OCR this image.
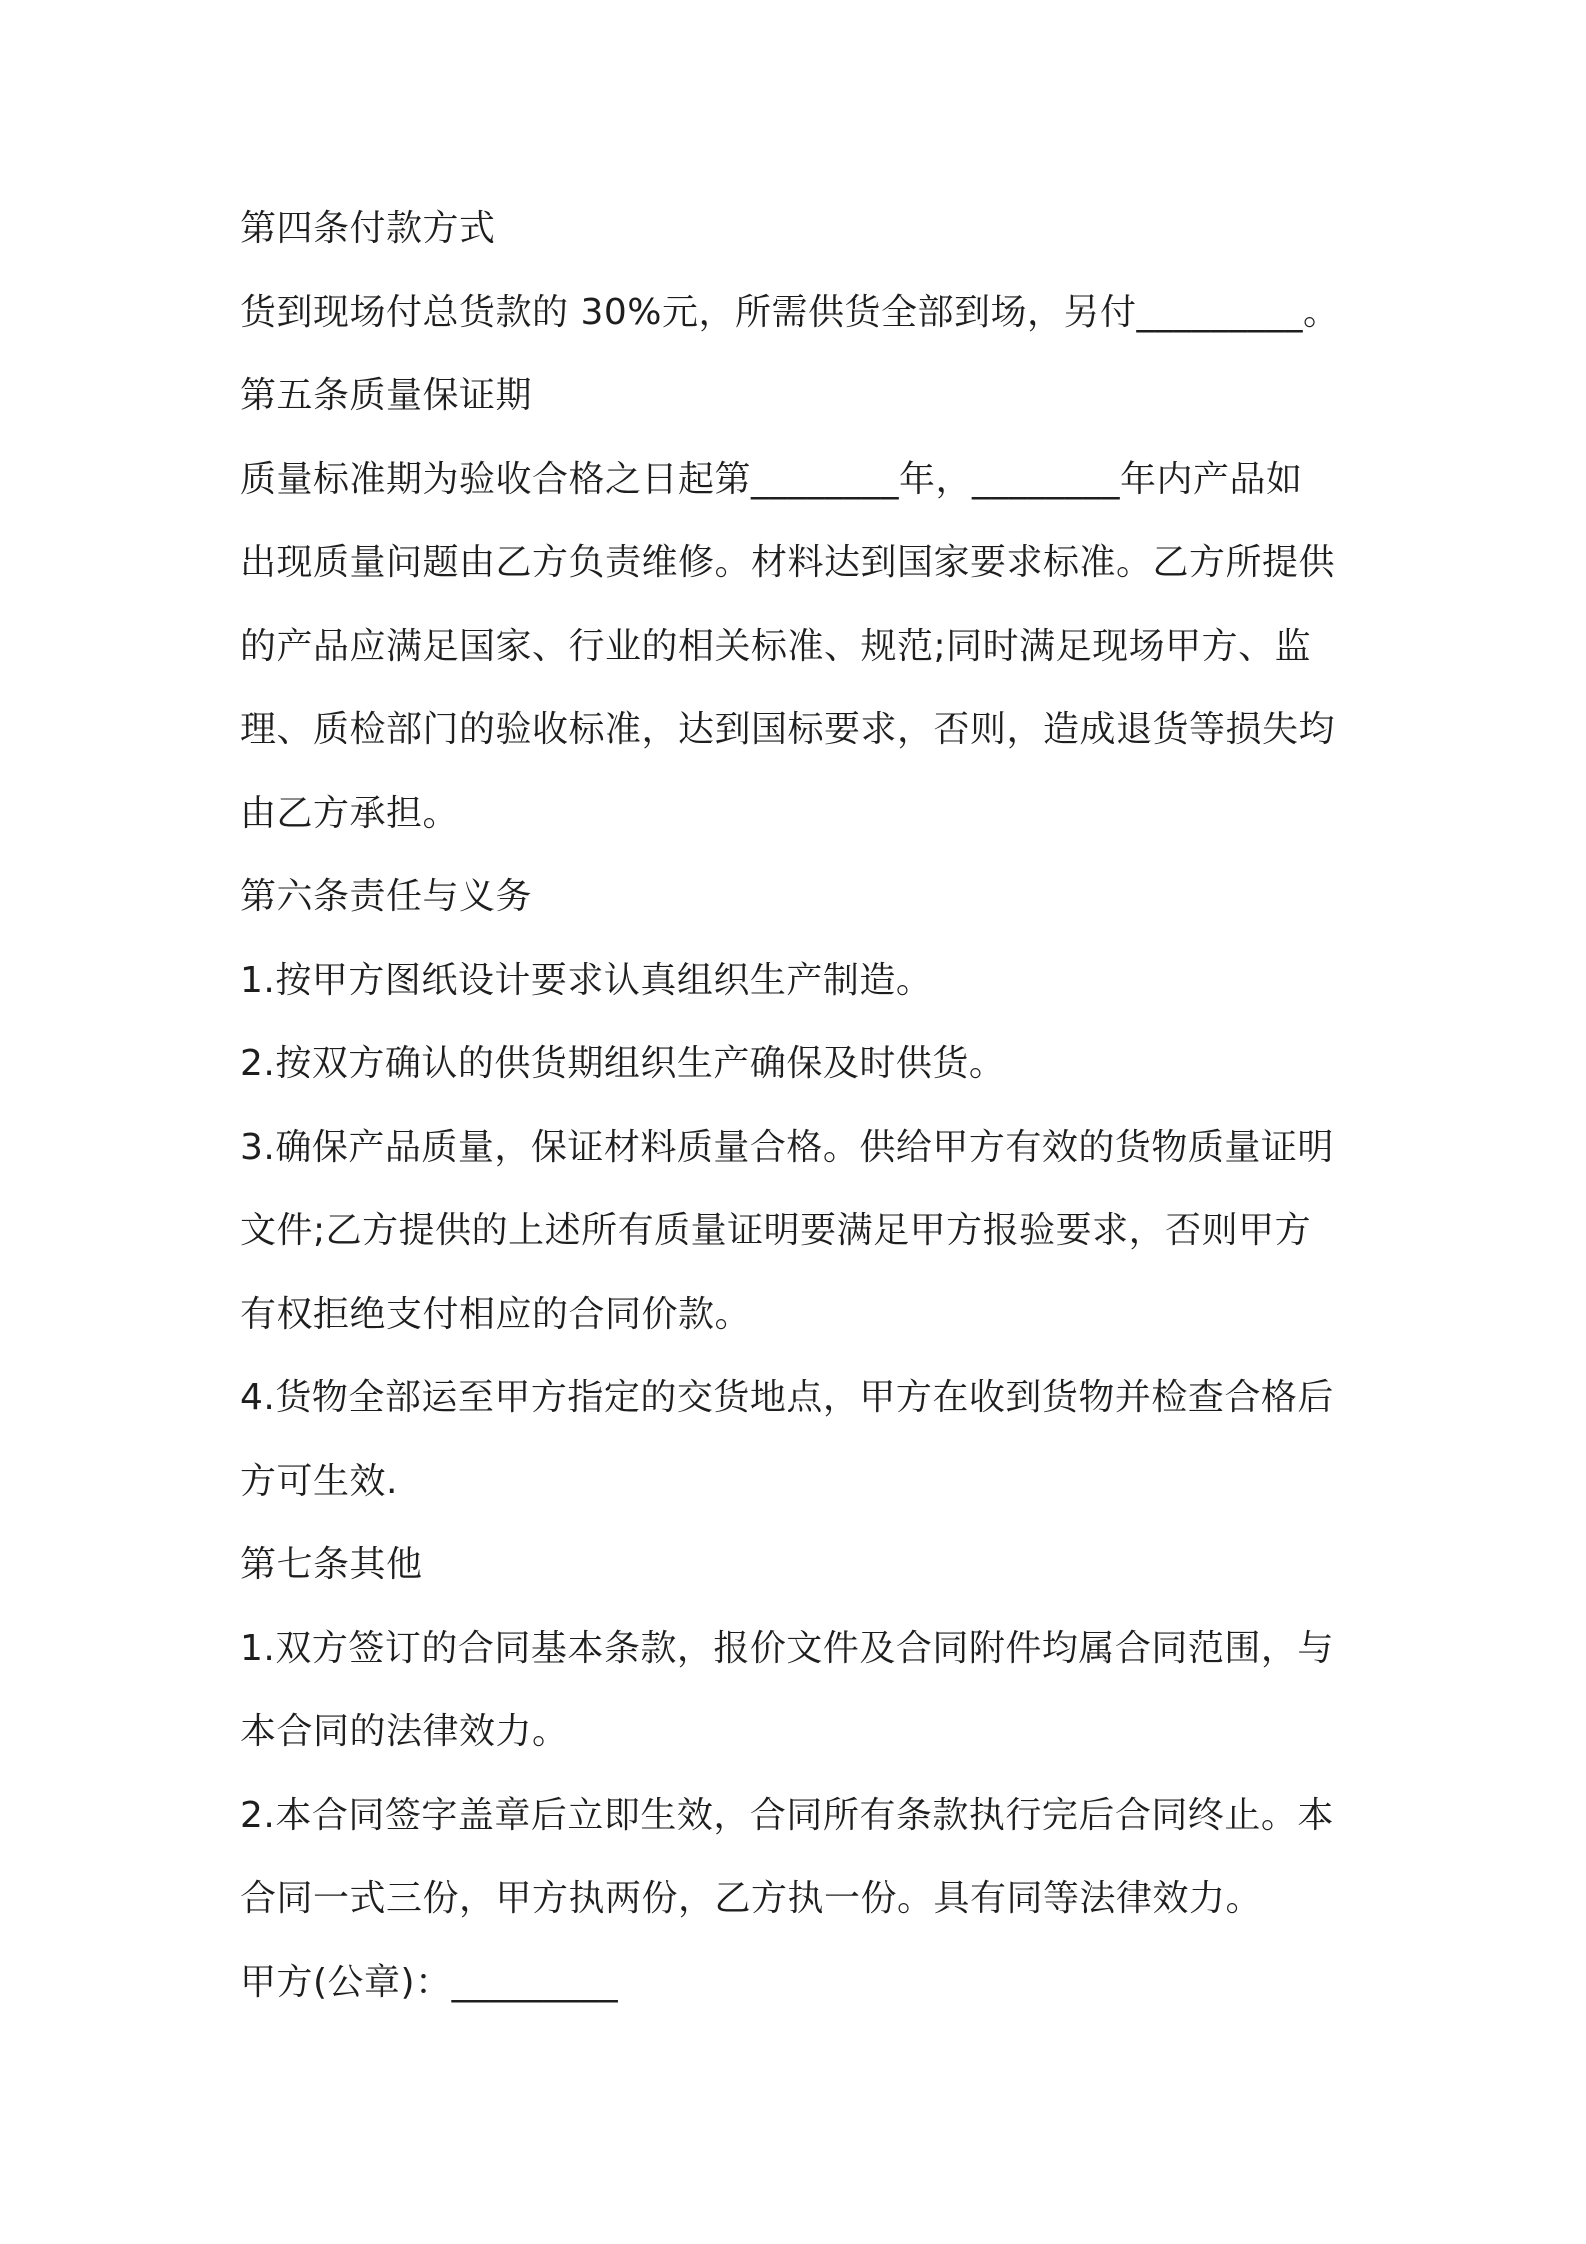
第四条付款方式
货到现场付总货款的 30%元，所需供货全部到场，另付_________。
第五条质量保证期
质量标准期为验收合格之日起第________年，________年内产品如
出现质量问题由乙方负责维修。材料达到国家要求标准。乙方所提供
的产品应满足国家、行业的相关标准、规范;同时满足现场甲方、监
理、质检部门的验收标准，达到国标要求，否则，造成退货等损失均
由乙方承担。
第六条责任与义务
1.按甲方图纸设计要求认真组织生产制造。
2.按双方确认的供货期组织生产确保及时供货。
3.确保产品质量，保证材料质量合格。供给甲方有效的货物质量证明
文件;乙方提供的上述所有质量证明要满足甲方报验要求，否则甲方
有权拒绝支付相应的合同价款。
4.货物全部运至甲方指定的交货地点，甲方在收到货物并检查合格后
方可生效.
第七条其他
1.双方签订的合同基本条款，报价文件及合同附件均属合同范围，与
本合同的法律效力。
2.本合同签字盖章后立即生效，合同所有条款执行完后合同终止。本
合同一式三份，甲方执两份，乙方执一份。具有同等法律效力。
甲方(公章)：_________
